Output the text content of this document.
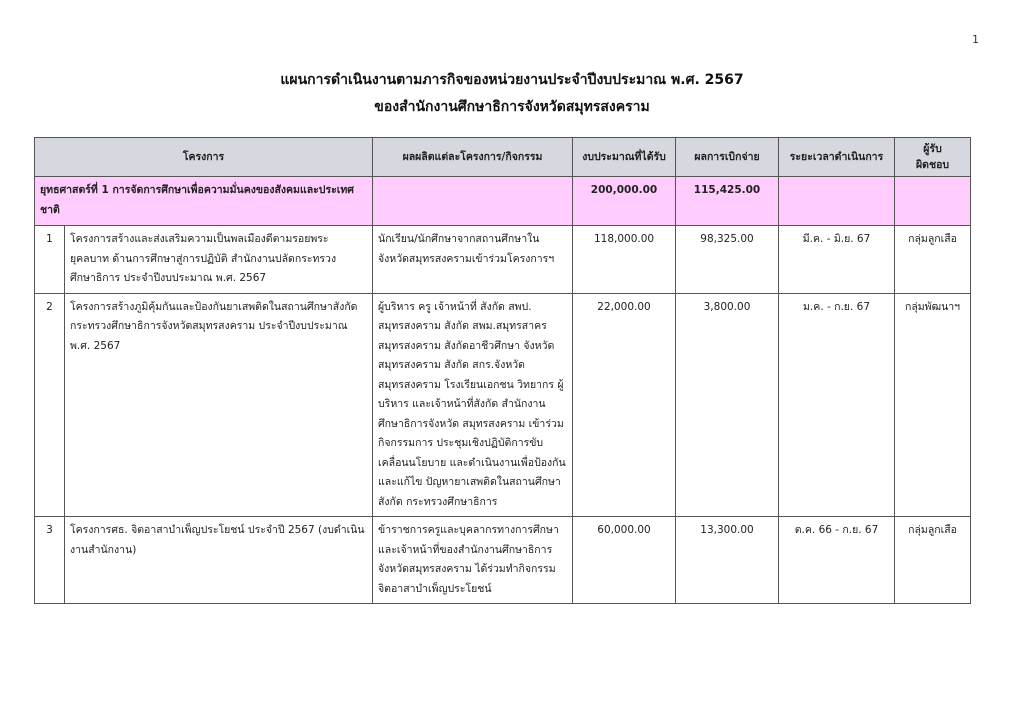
1
แผนการดำเนินงานตามภารกิจของหน่วยงานประจำปีงบประมาณ พ.ศ. 2567
ของสำนักงานศึกษาธิการจังหวัดสมุทรสงคราม
โครงการ		ผลผลิตแต่ละโครงการ/กิจกรรม	งบประมาณที่ได้รับ	ผลการเบิกจ่าย	ระยะเวลาดำเนินการ	ผู้รับ
ผิดชอบ

ยุทธศาสตร์ที่ 1 การจัดการศึกษาเพื่อความมั่นคงของสังคมและประเทศชาติ			200,000.00	115,425.00		
1	โครงการสร้างและส่งเสริมความเป็นพลเมืองดีตามรอยพระยุคลบาท ด้านการศึกษาสู่การปฏิบัติ สำนักงานปลัดกระทรวงศึกษาธิการ ประจำปีงบประมาณ พ.ศ. 2567	นักเรียน/นักศึกษาจากสถานศึกษาใน จังหวัดสมุทรสงครามเข้าร่วมโครงการฯ	118,000.00	98,325.00	มี.ค. - มิ.ย. 67	กลุ่มลูกเสือ
2	โครงการสร้างภูมิคุ้มกันและป้องกันยาเสพติดในสถานศึกษาสังกัด กระทรวงศึกษาธิการจังหวัดสมุทรสงคราม ประจำปีงบประมาณ พ.ศ. 2567	ผู้บริหาร ครู เจ้าหน้าที่ สังกัด สพป. สมุทรสงคราม สังกัด สพม.สมุทรสาคร สมุทรสงคราม สังกัดอาชีวศึกษา จังหวัดสมุทรสงคราม สังกัด สกร.จังหวัด สมุทรสงคราม โรงเรียนเอกชน วิทยากร ผู้บริหาร และเจ้าหน้าที่สังกัด สำนักงานศึกษาธิการจังหวัด สมุทรสงคราม เข้าร่วมกิจกรรมการ ประชุมเชิงปฏิบัติการขับเคลื่อนนโยบาย และดำเนินงานเพื่อป้องกันและแก้ไข ปัญหายาเสพติดในสถานศึกษา สังกัด กระทรวงศึกษาธิการ	22,000.00	3,800.00	ม.ค. - ก.ย. 67	กลุ่มพัฒนาฯ
3	โครงการศธ. จิตอาสาบำเพ็ญประโยชน์ ประจำปี 2567 (งบดำเนินงานสำนักงาน)	ข้าราชการครูและบุคลากรทางการศึกษา และเจ้าหน้าที่ของสำนักงานศึกษาธิการ จังหวัดสมุทรสงคราม ได้ร่วมทำกิจกรรม จิตอาสาบำเพ็ญประโยชน์	60,000.00	13,300.00	ต.ค. 66 - ก.ย. 67	กลุ่มลูกเสือ
